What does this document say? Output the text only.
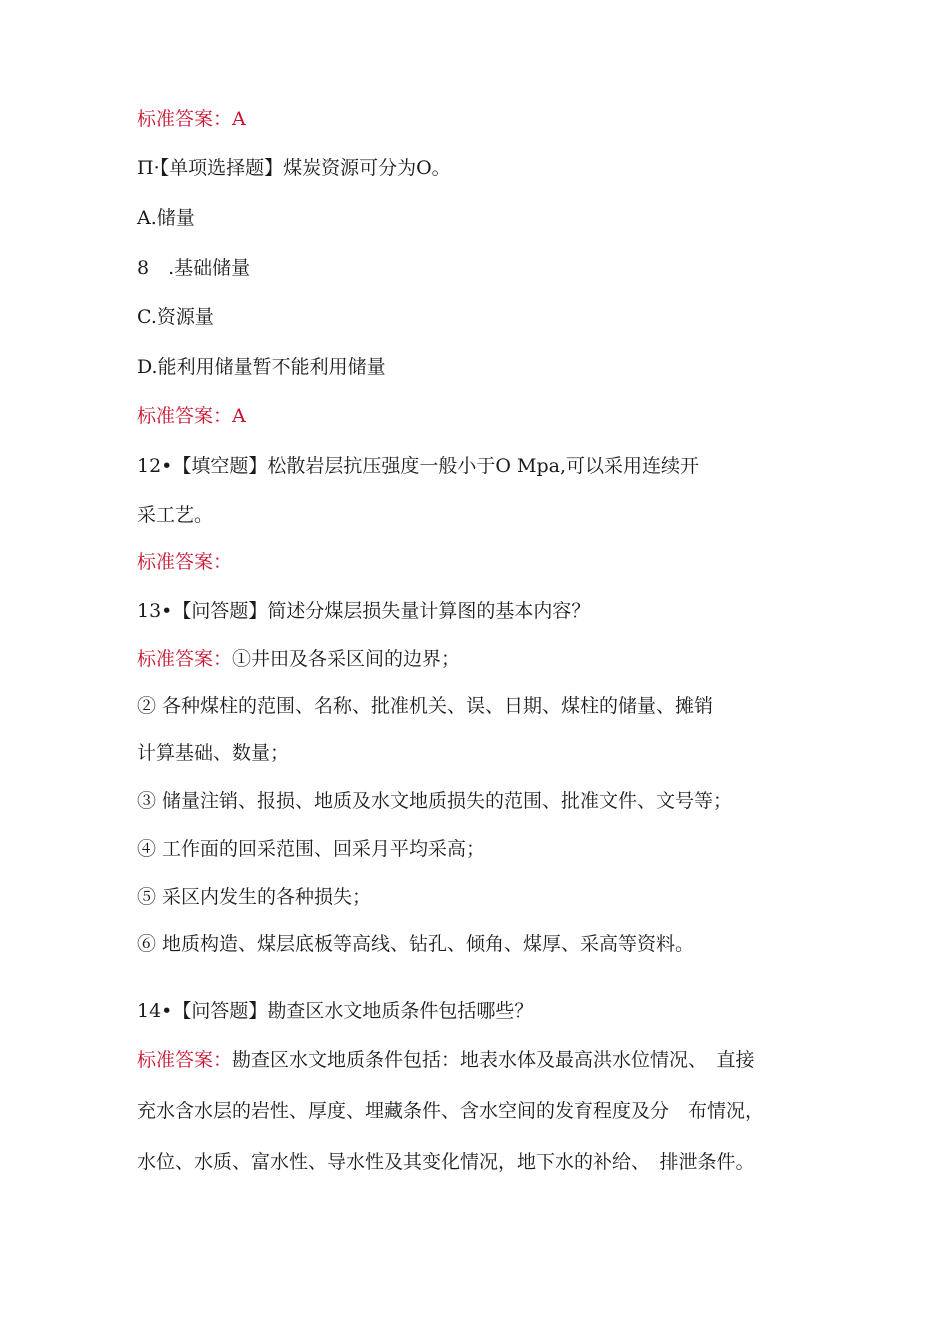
标准答案：A
Π·【单项选择题】煤炭资源可分为O。
A.储量
8　.基础储量
C.资源量
D.能利用储量暂不能利用储量
标准答案：A
12•【填空题】松散岩层抗压强度一般小于O Mpa,可以采用连续开
采工艺。
标准答案：
13•【问答题】简述分煤层损失量计算图的基本内容？
标准答案：①井田及各采区间的边界；
② 各种煤柱的范围、名称、批准机关、误、日期、煤柱的储量、摊销
计算基础、数量；
③ 储量注销、报损、地质及水文地质损失的范围、批准文件、文号等；
④ 工作面的回采范围、回采月平均采高；
⑤ 采区内发生的各种损失；
⑥ 地质构造、煤层底板等高线、钻孔、倾角、煤厚、采高等资料。
14•【问答题】勘查区水文地质条件包括哪些？
标准答案：勘查区水文地质条件包括：地表水体及最高洪水位情况、　直接
充水含水层的岩性、厚度、埋藏条件、含水空间的发育程度及分　布情况，
水位、水质、富水性、导水性及其变化情况，地下水的补给、　排泄条件。
